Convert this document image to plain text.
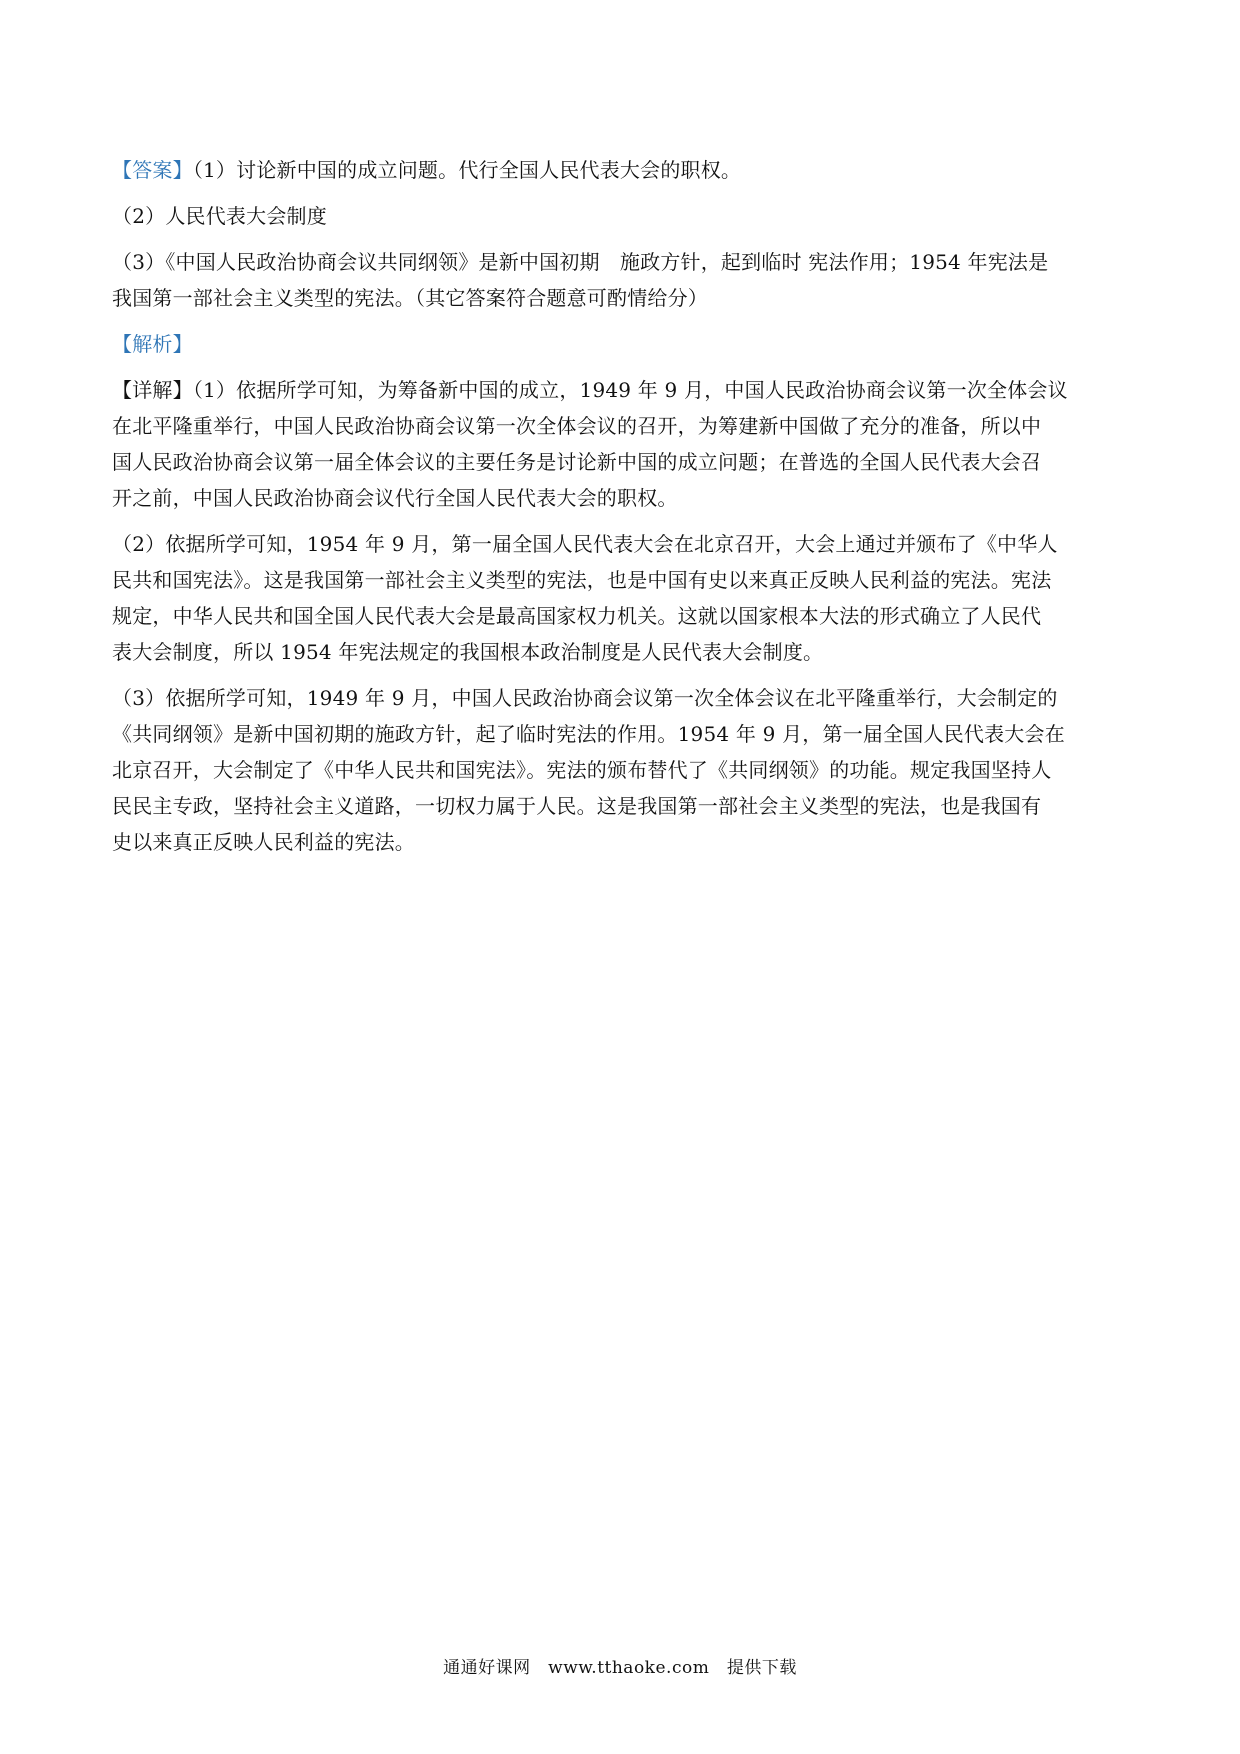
【答案】（1）讨论新中国的成立问题。代行全国人民代表大会的职权。
（2）人民代表大会制度
（3）《中国人民政治协商会议共同纲领》是新中国初期　施政方针，起到临时 宪法作用；1954 年宪法是
我国第一部社会主义类型的宪法。（其它答案符合题意可酌情给分）
【解析】
【详解】（1）依据所学可知，为筹备新中国的成立，1949 年 9 月，中国人民政治协商会议第一次全体会议
在北平隆重举行，中国人民政治协商会议第一次全体会议的召开，为筹建新中国做了充分的准备，所以中
国人民政治协商会议第一届全体会议的主要任务是讨论新中国的成立问题；在普选的全国人民代表大会召
开之前，中国人民政治协商会议代行全国人民代表大会的职权。
（2）依据所学可知，1954 年 9 月，第一届全国人民代表大会在北京召开，大会上通过并颁布了《中华人
民共和国宪法》。这是我国第一部社会主义类型的宪法，也是中国有史以来真正反映人民利益的宪法。宪法
规定，中华人民共和国全国人民代表大会是最高国家权力机关。这就以国家根本大法的形式确立了人民代
表大会制度，所以 1954 年宪法规定的我国根本政治制度是人民代表大会制度。
（3）依据所学可知，1949 年 9 月，中国人民政治协商会议第一次全体会议在北平隆重举行，大会制定的
《共同纲领》是新中国初期的施政方针，起了临时宪法的作用。1954 年 9 月，第一届全国人民代表大会在
北京召开，大会制定了《中华人民共和国宪法》。宪法的颁布替代了《共同纲领》的功能。规定我国坚持人
民民主专政，坚持社会主义道路，一切权力属于人民。这是我国第一部社会主义类型的宪法，也是我国有
史以来真正反映人民利益的宪法。
通通好课网　www.tthaoke.com　提供下载
